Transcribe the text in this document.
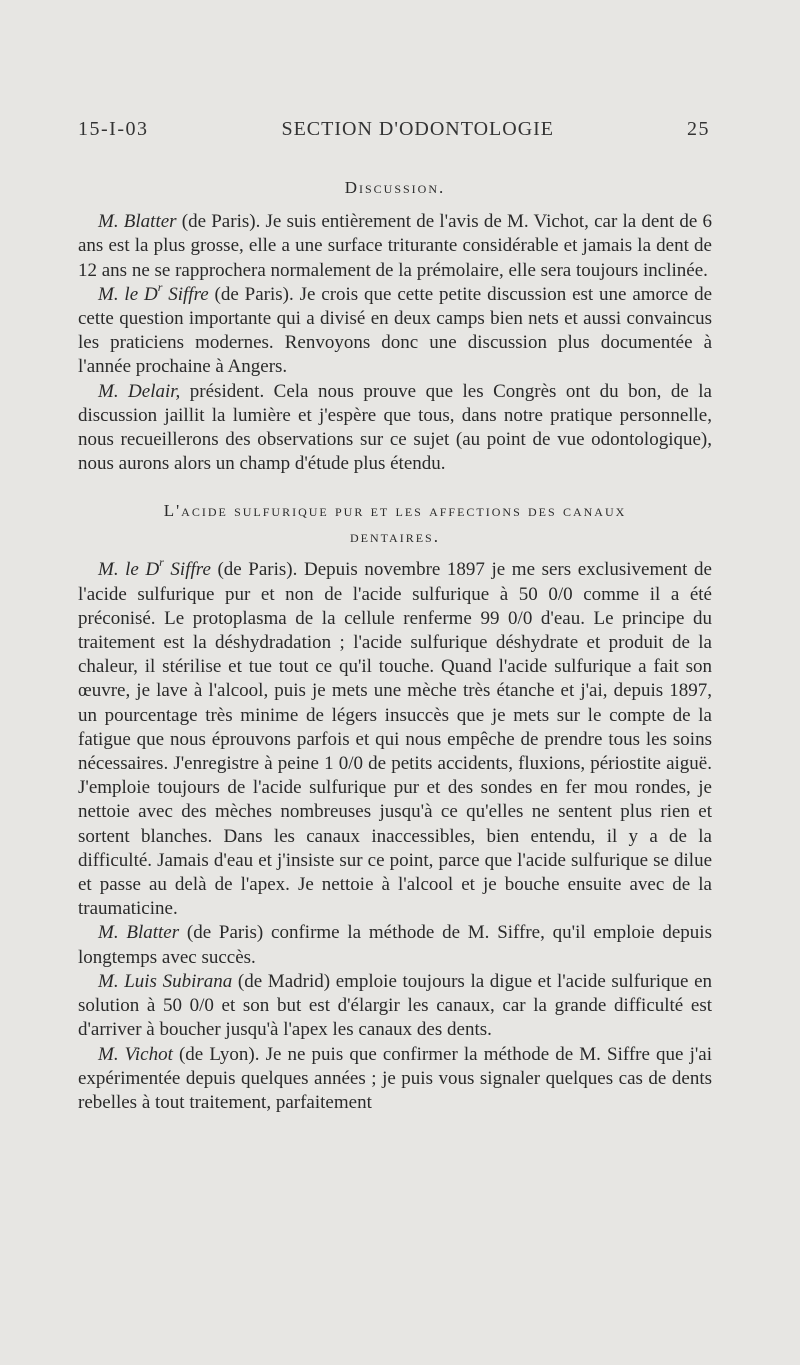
15-I-03	SECTION D'ODONTOLOGIE	25
Discussion.

M. Blatter (de Paris). Je suis entièrement de l'avis de M. Vichot, car la dent de 6 ans est la plus grosse, elle a une surface triturante considérable et jamais la dent de 12 ans ne se rapprochera normalement de la prémolaire, elle sera toujours inclinée.

M. le $D^r$ Siffre (de Paris). Je crois que cette petite discussion est une amorce de cette question importante qui a divisé en deux camps bien nets et aussi convaincus les praticiens modernes. Renvoyons donc une discussion plus documentée à l'année prochaine à Angers.

M. Delair, président. Cela nous prouve que les Congrès ont du bon, de la discussion jaillit la lumière et j'espère que tous, dans notre pratique personnelle, nous recueillerons des observations sur ce sujet (au point de vue odontologique), nous aurons alors un champ d'étude plus étendu.

L'acide sulfurique pur et les affections des canaux
dentaires.

M. le $D^r$ Siffre (de Paris). Depuis novembre 1897 je me sers exclusivement de l'acide sulfurique pur et non de l'acide sulfurique à 50 0/0 comme il a été préconisé. Le protoplasma de la cellule renferme 99 0/0 d'eau. Le principe du traitement est la déshydradation ; l'acide sulfurique déshydrate et produit de la chaleur, il stérilise et tue tout ce qu'il touche. Quand l'acide sulfurique a fait son œuvre, je lave à l'alcool, puis je mets une mèche très étanche et j'ai, depuis 1897, un pourcentage très minime de légers insuccès que je mets sur le compte de la fatigue que nous éprouvons parfois et qui nous empêche de prendre tous les soins nécessaires. J'enregistre à peine 1 0/0 de petits accidents, fluxions, périostite aiguë. J'emploie toujours de l'acide sulfurique pur et des sondes en fer mou rondes, je nettoie avec des mèches nombreuses jusqu'à ce qu'elles ne sentent plus rien et sortent blanches. Dans les canaux inaccessibles, bien entendu, il y a de la difficulté. Jamais d'eau et j'insiste sur ce point, parce que l'acide sulfurique se dilue et passe au delà de l'apex. Je nettoie à l'alcool et je bouche ensuite avec de la traumaticine.

M. Blatter (de Paris) confirme la méthode de M. Siffre, qu'il emploie depuis longtemps avec succès.

M. Luis Subirana (de Madrid) emploie toujours la digue et l'acide sulfurique en solution à 50 0/0 et son but est d'élargir les canaux, car la grande difficulté est d'arriver à boucher jusqu'à l'apex les canaux des dents.

M. Vichot (de Lyon). Je ne puis que confirmer la méthode de M. Siffre que j'ai expérimentée depuis quelques années ; je puis vous signaler quelques cas de dents rebelles à tout traitement, parfaitement
